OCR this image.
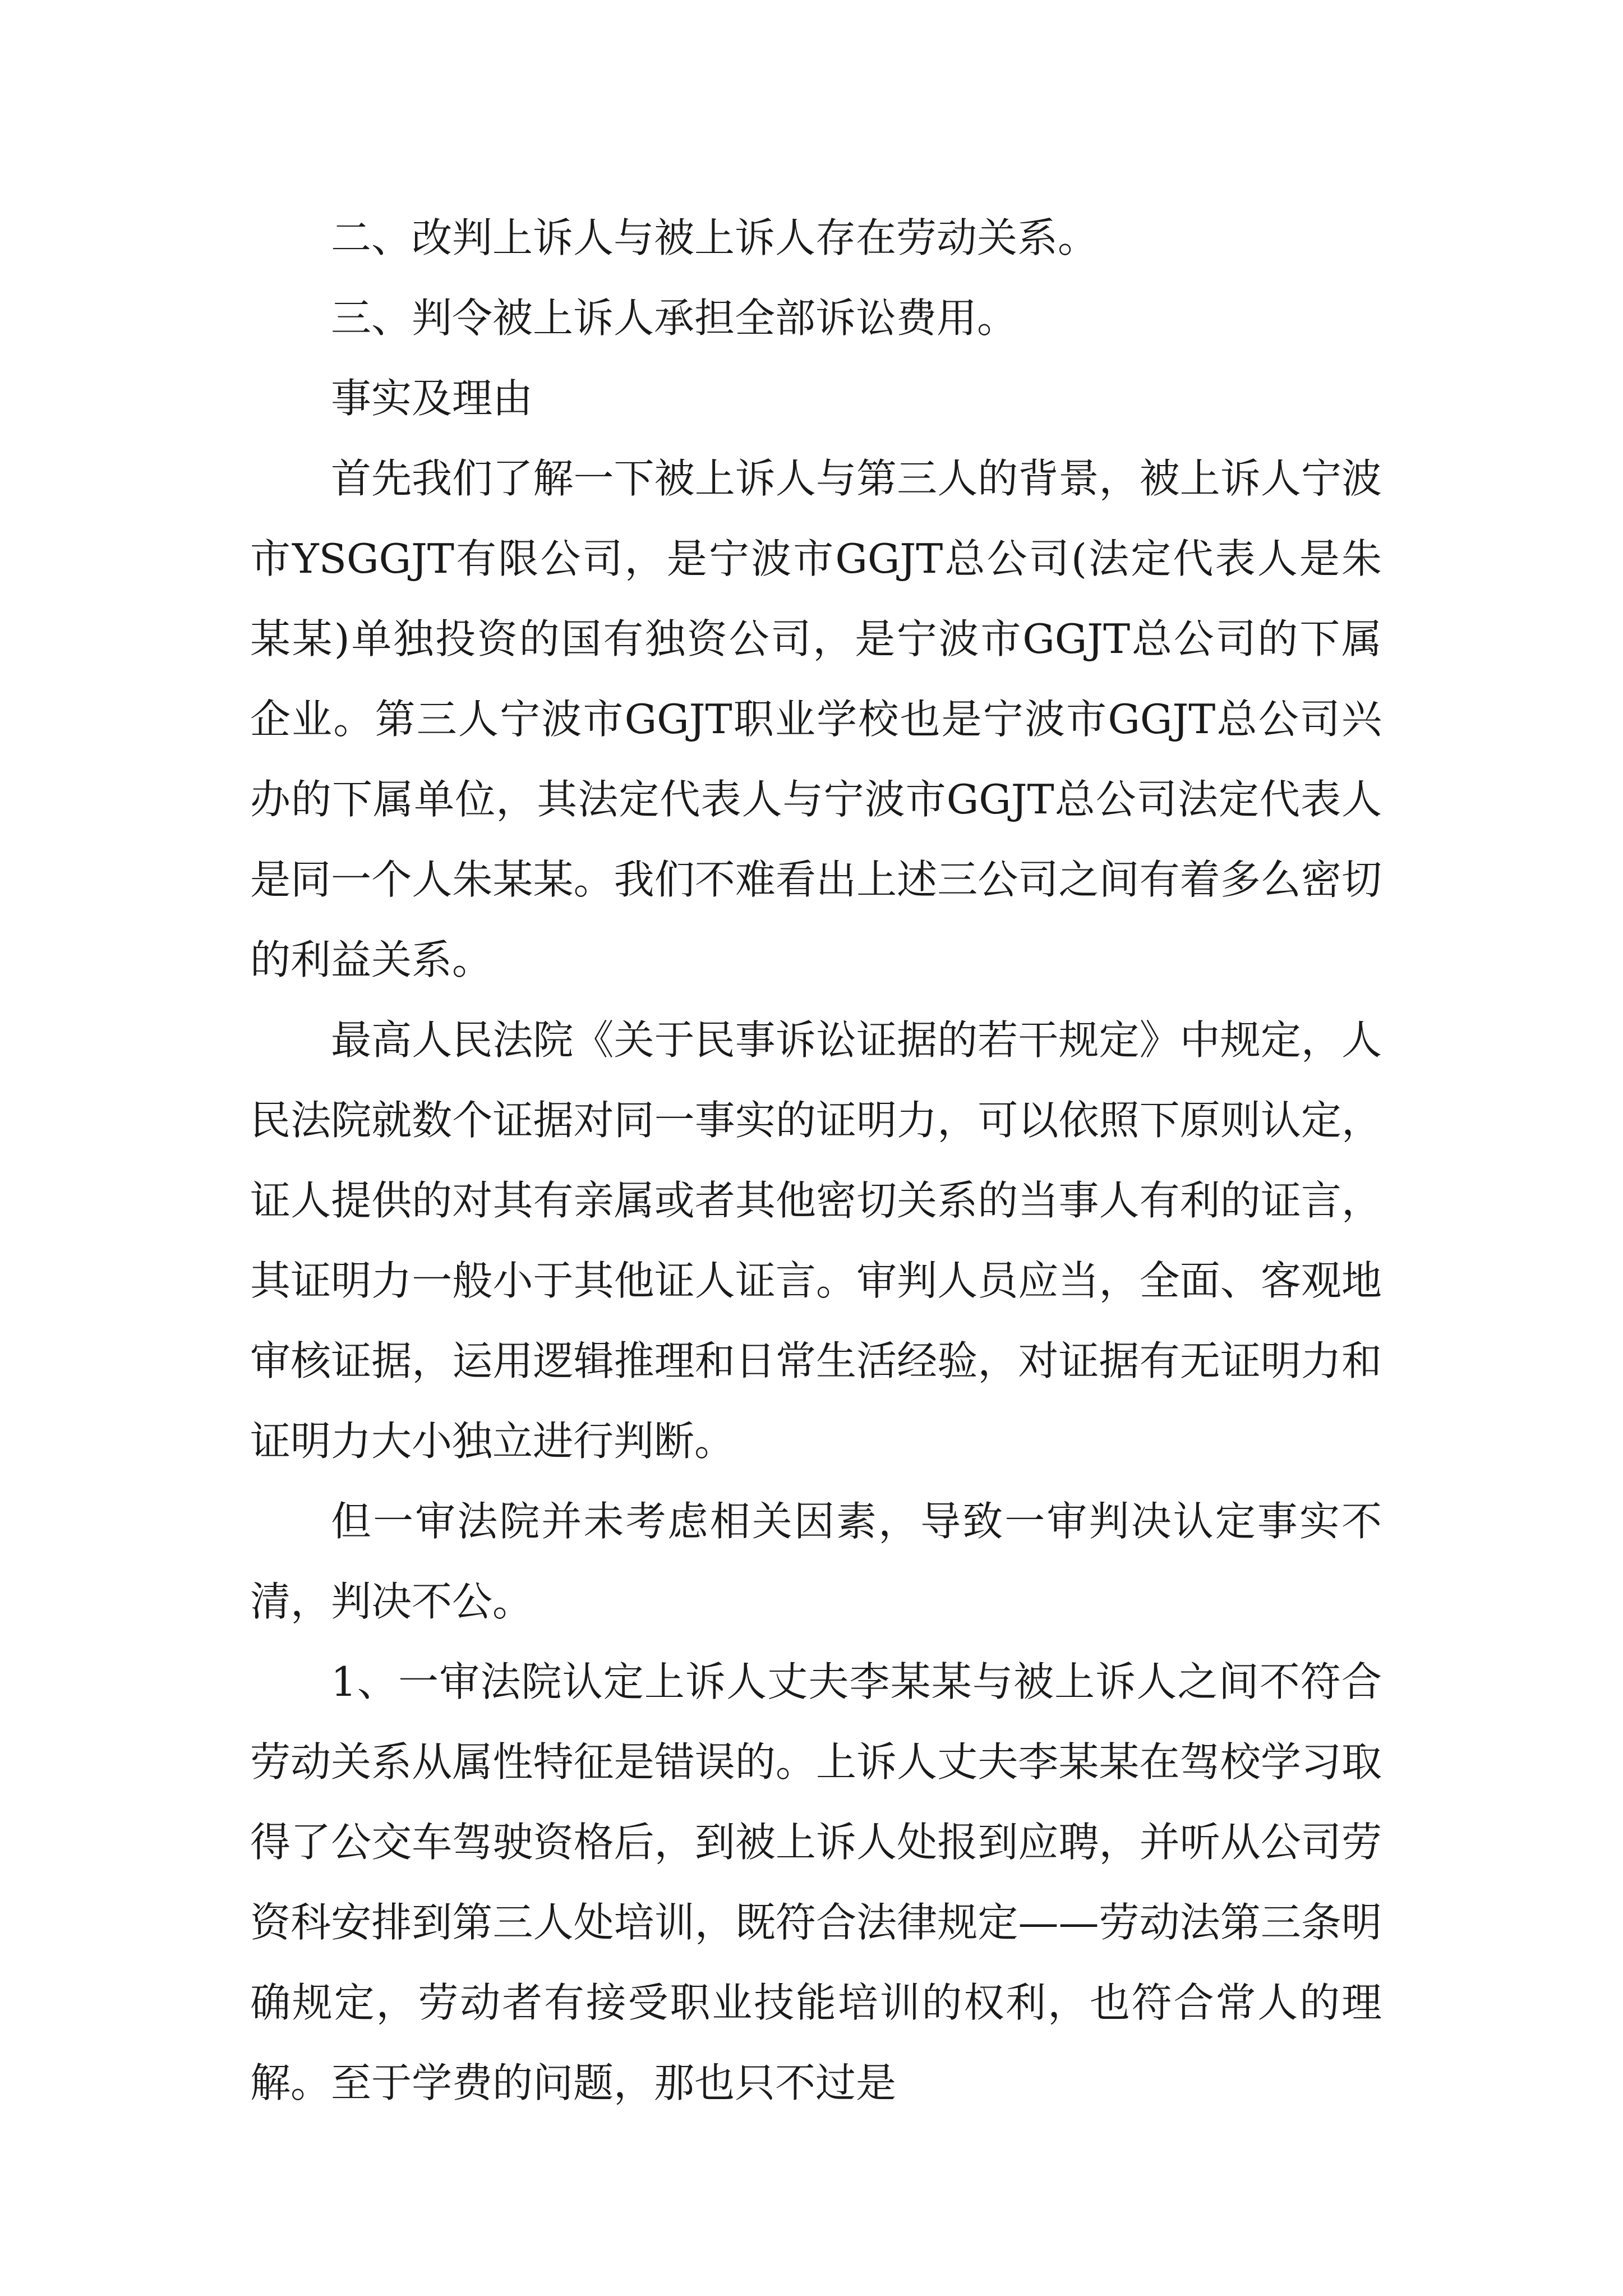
二、改判上诉人与被上诉人存在劳动关系。

三、判令被上诉人承担全部诉讼费用。

事实及理由

首先我们了解一下被上诉人与第三人的背景，被上诉人宁波市YSGGJT有限公司，是宁波市GGJT总公司(法定代表人是朱某某)单独投资的国有独资公司，是宁波市GGJT总公司的下属企业。第三人宁波市GGJT职业学校也是宁波市GGJT总公司兴办的下属单位，其法定代表人与宁波市GGJT总公司法定代表人是同一个人朱某某。我们不难看出上述三公司之间有着多么密切的利益关系。

最高人民法院《关于民事诉讼证据的若干规定》中规定，人民法院就数个证据对同一事实的证明力，可以依照下原则认定，证人提供的对其有亲属或者其他密切关系的当事人有利的证言，其证明力一般小于其他证人证言。审判人员应当，全面、客观地审核证据，运用逻辑推理和日常生活经验，对证据有无证明力和证明力大小独立进行判断。

但一审法院并未考虑相关因素，导致一审判决认定事实不清，判决不公。

1、一审法院认定上诉人丈夫李某某与被上诉人之间不符合劳动关系从属性特征是错误的。上诉人丈夫李某某在驾校学习取得了公交车驾驶资格后，到被上诉人处报到应聘，并听从公司劳资科安排到第三人处培训，既符合法律规定——劳动法第三条明确规定，劳动者有接受职业技能培训的权利，也符合常人的理解。至于学费的问题，那也只不过是
